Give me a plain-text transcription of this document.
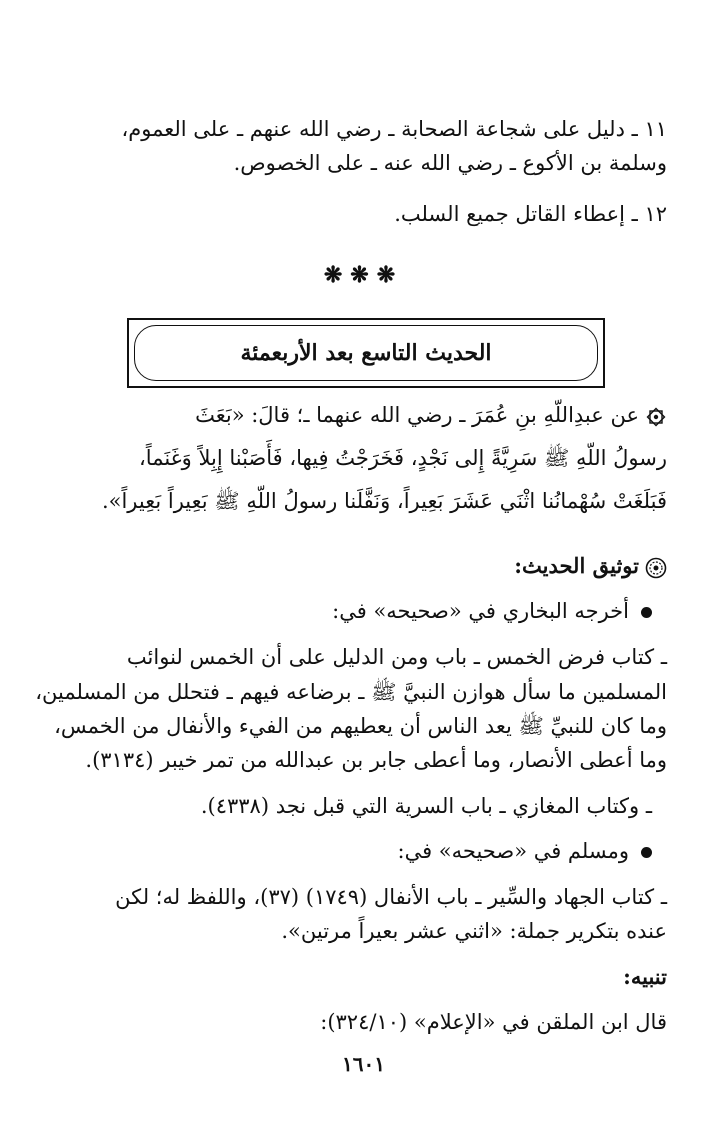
١١ ـ دليل على شجاعة الصحابة ـ رضي الله عنهم ـ على العموم،
وسلمة بن الأكوع ـ رضي الله عنه ـ على الخصوص.
١٢ ـ إعطاء القاتل جميع السلب.
❋❋❋
الحديث التاسع بعد الأربعمئة
عن عبدِاللّهِ بنِ عُمَرَ ـ رضي الله عنهما ـ؛ قالَ: «بَعَثَ
رسولُ اللّهِ ﷺ سَرِيَّةً إِلى نَجْدٍ، فَخَرَجْتُ فِيها، فَأَصَبْنا إِبِلاً وَغَنَماً،
فَبَلَغَتْ سُهْمانُنا اثْنَي عَشَرَ بَعِيراً، وَنَفَّلَنا رسولُ اللّهِ ﷺ بَعِيراً بَعِيراً».
توثيق الحديث:
أخرجه البخاري في «صحيحه» في:
ـ كتاب فرض الخمس ـ باب ومن الدليل على أن الخمس لنوائب
المسلمين ما سأل هوازن النبيَّ ﷺ ـ برضاعه فيهم ـ فتحلل من المسلمين،
وما كان للنبيِّ ﷺ يعد الناس أن يعطيهم من الفيء والأنفال من الخمس،
وما أعطى الأنصار، وما أعطى جابر بن عبدالله من تمر خيبر (٣١٣٤).
ـ وكتاب المغازي ـ باب السرية التي قبل نجد (٤٣٣٨).
ومسلم في «صحيحه» في:
ـ كتاب الجهاد والسِّير ـ باب الأنفال (١٧٤٩) (٣٧)، واللفظ له؛ لكن
عنده بتكرير جملة: «اثني عشر بعيراً مرتين».
تنبيه:
قال ابن الملقن في «الإعلام» (٣٢٤/١٠):
١٦٠١
